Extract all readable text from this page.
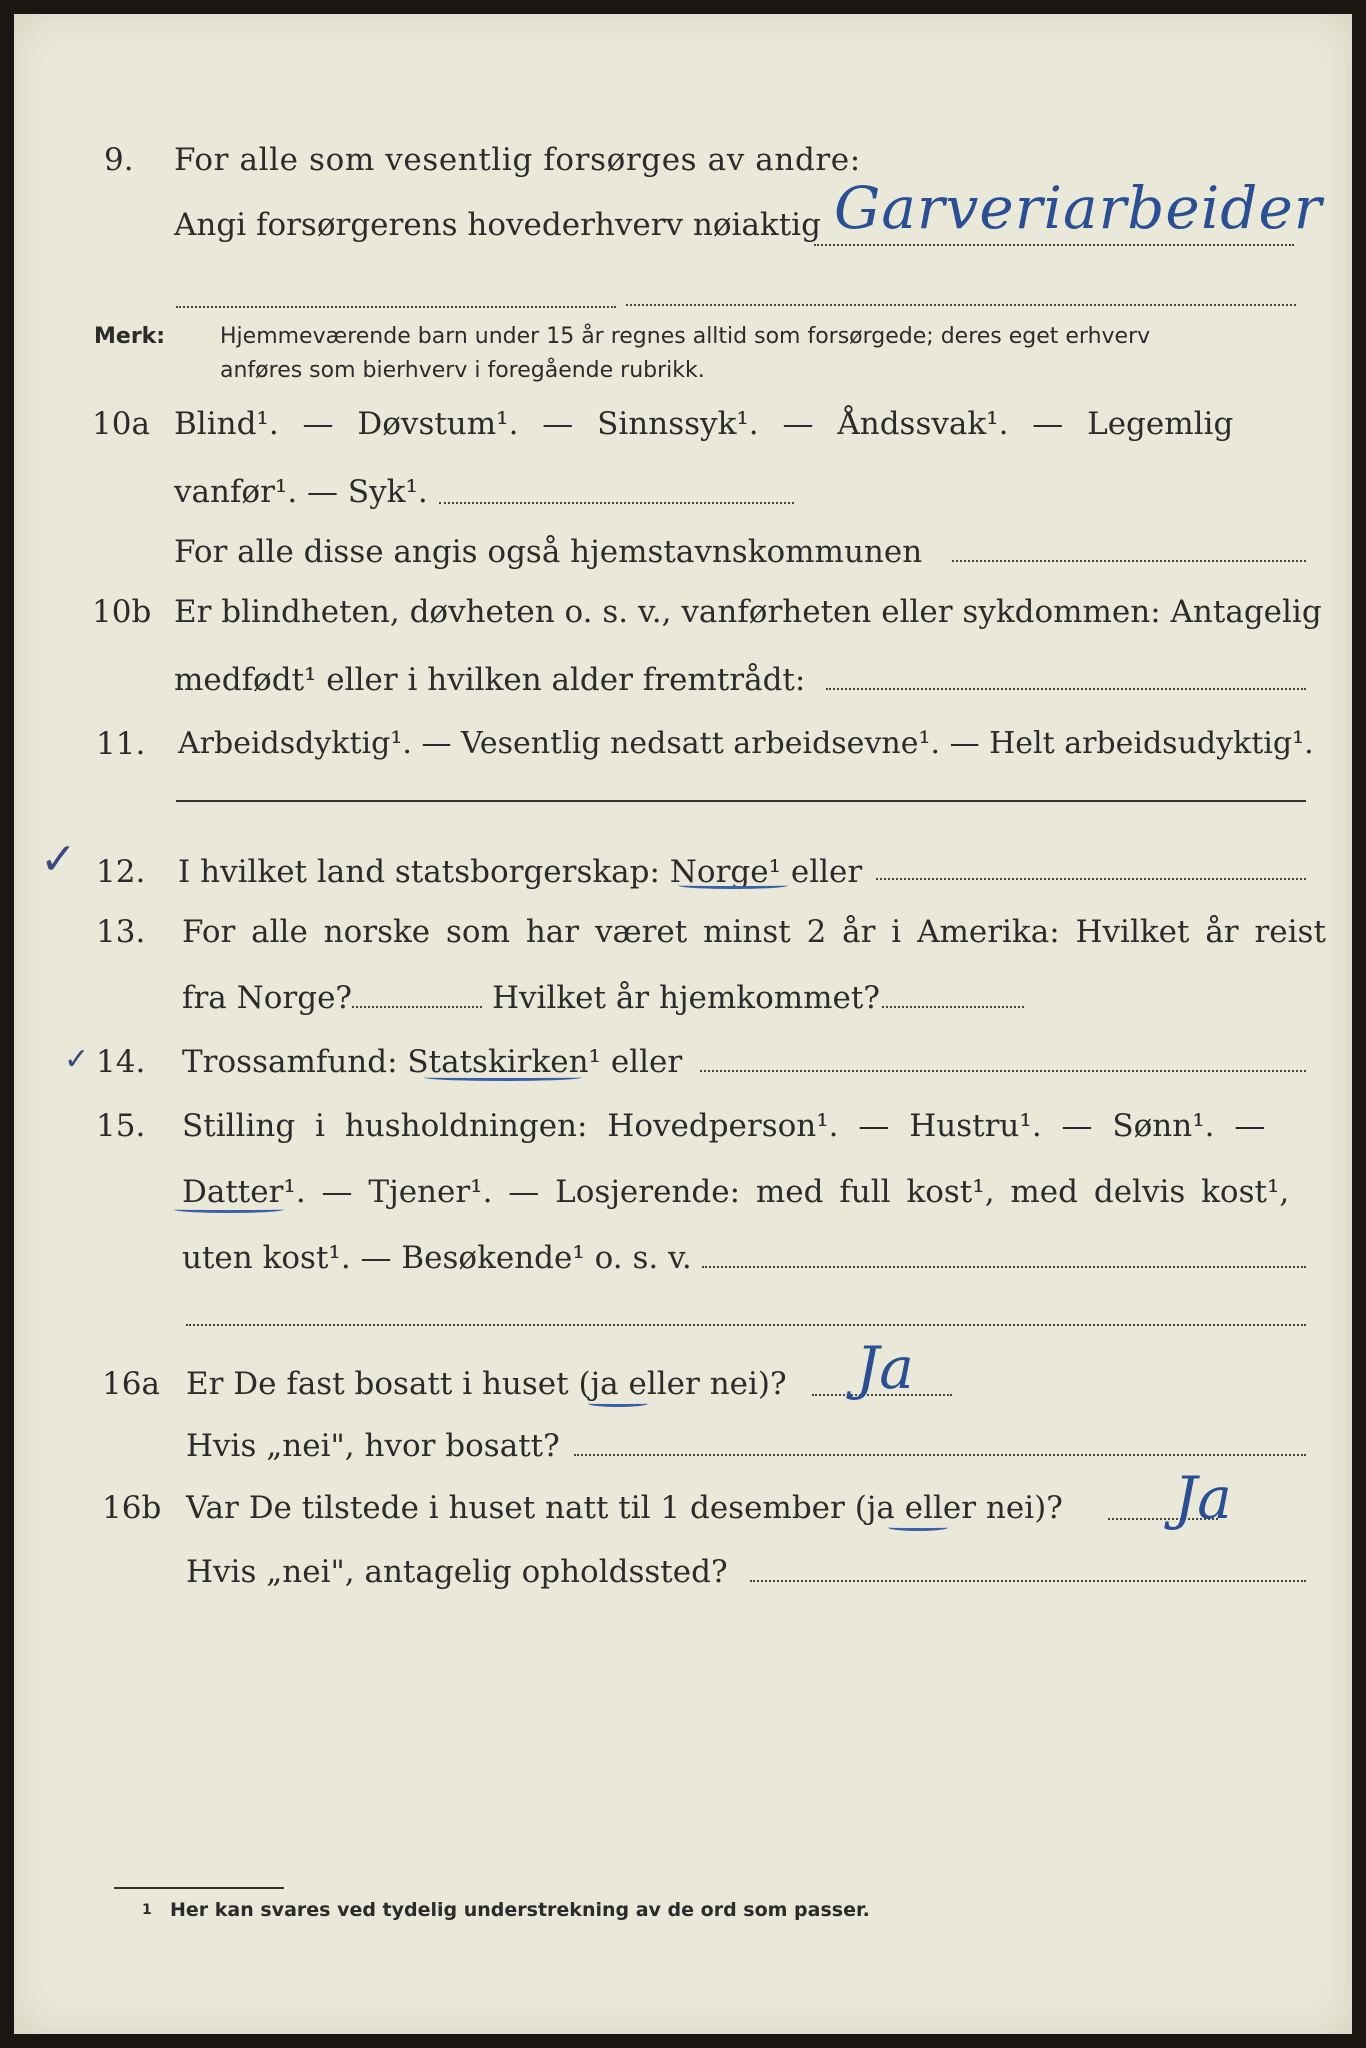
9. For alle som vesentlig forsørges av andre:
Angi forsørgerens hovederhverv nøiaktig Garveriarbeider
Merk: Hjemmeværende barn under 15 år regnes alltid som forsørgede; deres eget erhverv
anføres som bierhverv i foregående rubrikk.
10a Blind¹. — Døvstum¹. — Sinnssyk¹. — Åndssvak¹. — Legemlig
vanfør¹. — Syk¹.
For alle disse angis også hjemstavnskommunen
10b Er blindheten, døvheten o. s. v., vanførheten eller sykdommen: Antagelig
medfødt¹ eller i hvilken alder fremtrådt:
11. Arbeidsdyktig¹. — Vesentlig nedsatt arbeidsevne¹. — Helt arbeidsudyktig¹.
✓ 12. I hvilket land statsborgerskap: Norge¹ eller
13. For alle norske som har været minst 2 år i Amerika: Hvilket år reist
fra Norge?	Hvilket år hjemkommet?
✓ 14. Trossamfund: Statskirken¹ eller
15. Stilling i husholdningen: Hovedperson¹. — Hustru¹. — Sønn¹. —
Datter¹. — Tjener¹. — Losjerende: med full kost¹, med delvis kost¹,
uten kost¹. — Besøkende¹ o. s. v.
16a Er De fast bosatt i huset (ja eller nei)? Ja
Hvis „nei", hvor bosatt?
16b Var De tilstede i huset natt til 1 desember (ja eller nei)? Ja
Hvis „nei", antagelig opholdssted?
1 Her kan svares ved tydelig understrekning av de ord som passer.
